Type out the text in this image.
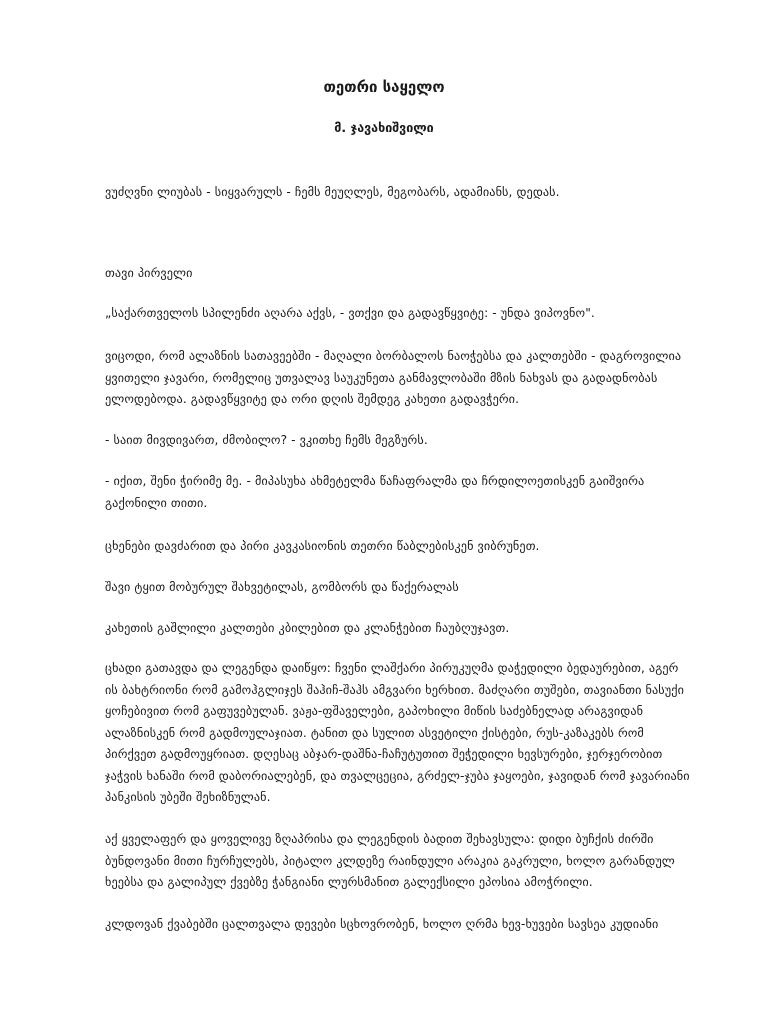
თეთრი საყელო
მ. ჯავახიშვილი

ვუძღვნი ლიუბას - სიყვარულს - ჩემს მეუღლეს, მეგობარს, ადამიანს, დედას.

თავი პირველი

„საქართველოს სპილენძი აღარა აქვს, - ვთქვი და გადავწყვიტე: - უნდა ვიპოვნო".

ვიცოდი, რომ ალაზნის სათავეებში - მაღალი ბორბალოს ნაოჭებსა და კალთებში - დაგროვილია ყვითელი ჯავარი, რომელიც უთვალავ საუკუნეთა განმავლობაში მზის ნახვას და გადადნობას ელოდებოდა. გადავწყვიტე და ორი დღის შემდეგ კახეთი გადავჭერი.

- საით მივდივართ, ძმობილო? - ვკითხე ჩემს მეგზურს.

- იქით, შენი ჭირიმე მე. - მიპასუხა ახმეტელმა წაჩაფრალმა და ჩრდილოეთისკენ გაიშვირა გაქონილი თითი.

ცხენები დავძარით და პირი კავკასიონის თეთრი წაბლებისკენ ვიბრუნეთ.

შავი ტყით მობურულ შახვეტილას, გომბორს და წაქერალას

კახეთის გაშლილი კალთები კბილებით და კლანჭებით ჩაუბღუჯავთ.

ცხადი გათავდა და ლეგენდა დაიწყო: ჩვენი ლაშქარი პირუკუღმა დაჭედილი ბედაურებით, აგერ ის ბახტრიონი რომ გამოჰგლიჯეს შაჰიჩ-შაჰს ამგვარი ხერხით. მაძღარი თუშები, თავიანთი ნასუქი ყოჩებივით რომ გაფუვებულან. ვაჟა-ფშაველები, გაპოხილი მიწის საძებნელად არაგვიდან ალაზნისკენ რომ გადმოულაჯიათ. ტანით და სულით ასვეტილი ქისტები, რუს-კაზაკებს რომ პირქვეთ გადმოუყრიათ. დღესაც აბჯარ-დაშნა-ჩაჩუტუთით შეჭედილი ხევსურები, ჯერჯერობით ჯაჭვის ხანაში რომ დაბორიალებენ, და თვალცეცია, გრძელ-ჯუბა ჯაყოები, ჯავიდან რომ ჯავარიანი პანკისის უბეში შეხიზნულან.

აქ ყველაფერ და ყოველივე ზღაპრისა და ლეგენდის ბადით შეხავსულა: დიდი ბუჩქის ძირში ბუნდოვანი მითი ჩურჩულებს, პიტალო კლდეზე რაინდული არაკია გაკრული, ხოლო გარანდულ ხეებსა და გალიპულ ქვებზე ჭანგიანი ლურსმანით გალექსილი ეპოსია ამოჭრილი.

კლდოვან ქვაბებში ცალთვალა დევები სცხოვრობენ, ხოლო ღრმა ხევ-ხუვები სავსეა კუდიანი
